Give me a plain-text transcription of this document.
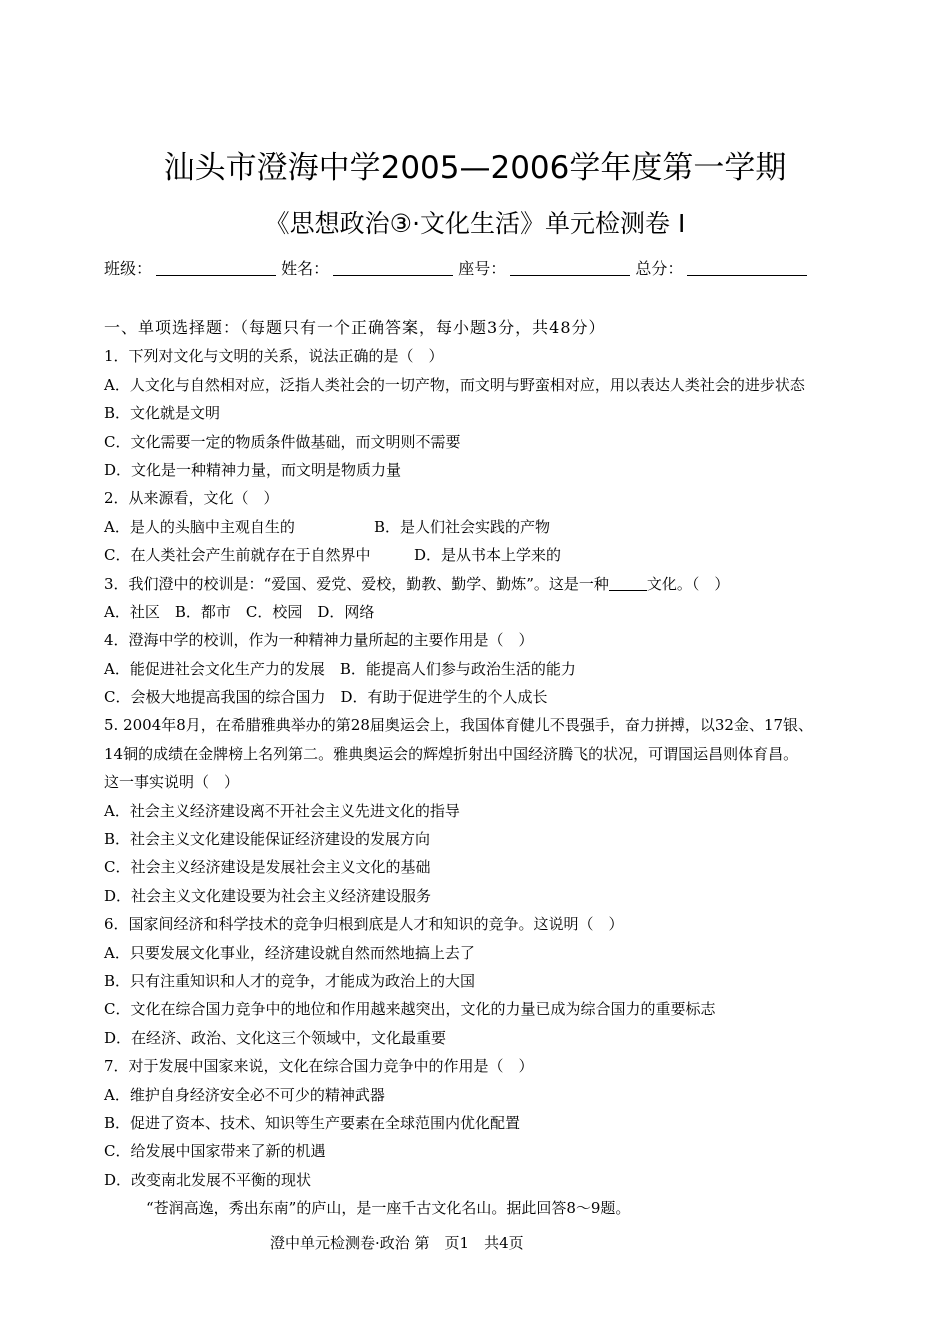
汕头市澄海中学2005—2006学年度第一学期
《思想政治③·文化生活》单元检测卷 I
班级：	姓名：	座号：	总分：
一、单项选择题：（每题只有一个正确答案，每小题3分，共48分）
1．下列对文化与文明的关系，说法正确的是（　）
A．人文化与自然相对应，泛指人类社会的一切产物，而文明与野蛮相对应，用以表达人类社会的进步状态
B．文化就是文明
C．文化需要一定的物质条件做基础，而文明则不需要
D．文化是一种精神力量，而文明是物质力量
2．从来源看，文化（　）
A．是人的头脑中主观自生的	B．是人们社会实践的产物
C．在人类社会产生前就存在于自然界中	D．是从书本上学来的
3．我们澄中的校训是：“爱国、爱党、爱校，勤教、勤学、勤炼”。这是一种	文化。（　）
A．社区　B．都市　C．校园　D．网络
4．澄海中学的校训，作为一种精神力量所起的主要作用是（　）
A．能促进社会文化生产力的发展　B．能提高人们参与政治生活的能力
C．会极大地提高我国的综合国力　D．有助于促进学生的个人成长
5. 2004年8月，在希腊雅典举办的第28届奥运会上，我国体育健儿不畏强手，奋力拼搏，以32金、17银、
14铜的成绩在金牌榜上名列第二。雅典奥运会的辉煌折射出中国经济腾飞的状况，可谓国运昌则体育昌。
这一事实说明（　）
A．社会主义经济建设离不开社会主义先进文化的指导
B．社会主义文化建设能保证经济建设的发展方向
C．社会主义经济建设是发展社会主义文化的基础
D．社会主义文化建设要为社会主义经济建设服务
6．国家间经济和科学技术的竞争归根到底是人才和知识的竞争。这说明（　）
A．只要发展文化事业，经济建设就自然而然地搞上去了
B．只有注重知识和人才的竞争，才能成为政治上的大国
C．文化在综合国力竞争中的地位和作用越来越突出，文化的力量已成为综合国力的重要标志
D．在经济、政治、文化这三个领域中，文化最重要
7．对于发展中国家来说，文化在综合国力竞争中的作用是（　）
A．维护自身经济安全必不可少的精神武器
B．促进了资本、技术、知识等生产要素在全球范围内优化配置
C．给发展中国家带来了新的机遇
D．改变南北发展不平衡的现状
“苍润高逸，秀出东南”的庐山，是一座千古文化名山。据此回答8～9题。
澄中单元检测卷·政治 第　页1　共4页
